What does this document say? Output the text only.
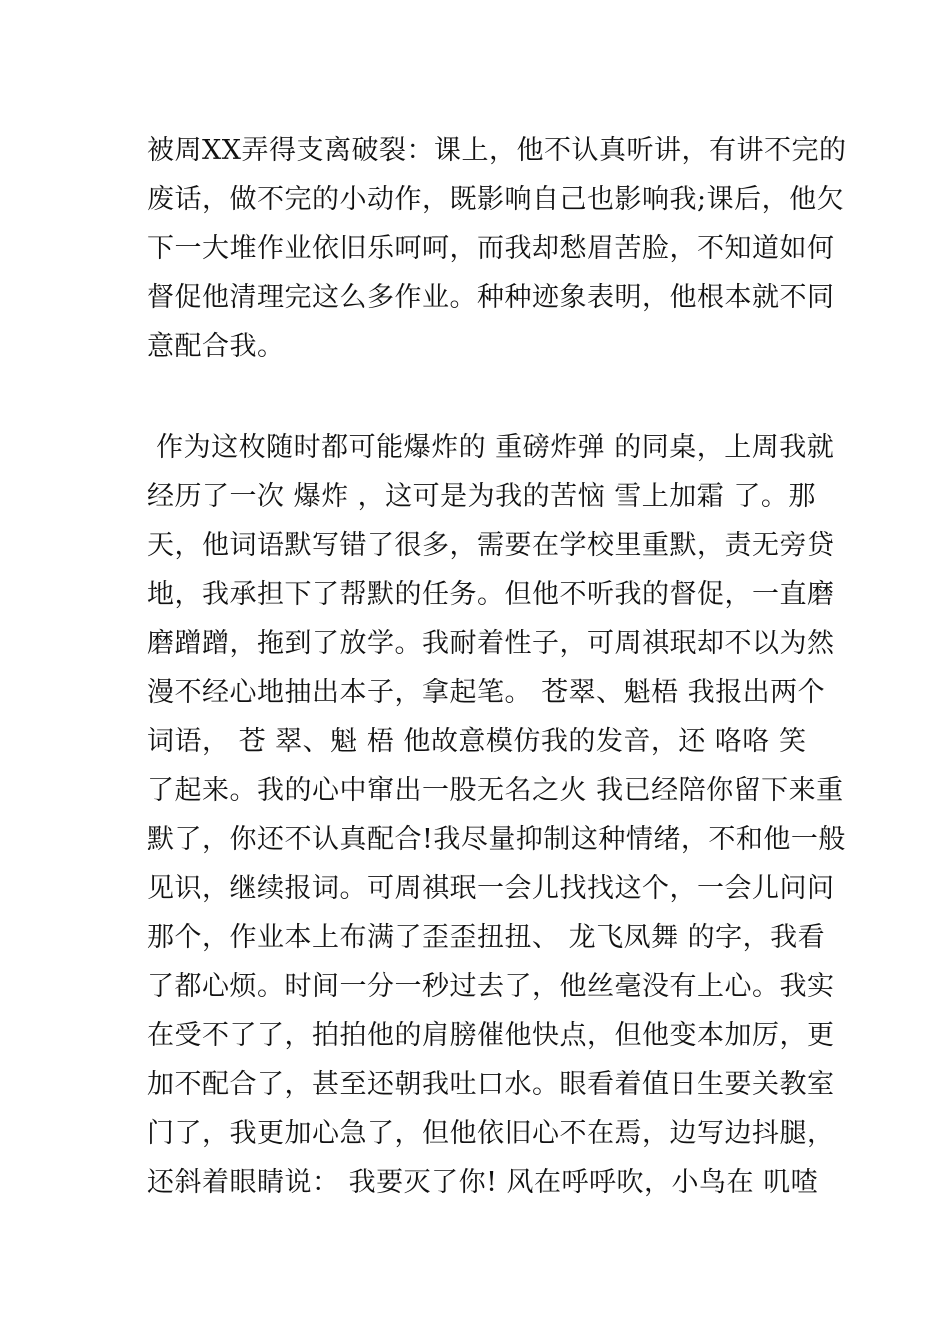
被周XX弄得支离破裂：课上，他不认真听讲，有讲不完的
废话，做不完的小动作，既影响自己也影响我;课后，他欠
下一大堆作业依旧乐呵呵，而我却愁眉苦脸，不知道如何
督促他清理完这么多作业。种种迹象表明，他根本就不同
意配合我。
作为这枚随时都可能爆炸的 重磅炸弹 的同桌，上周我就
经历了一次 爆炸 ，这可是为我的苦恼 雪上加霜 了。那
天，他词语默写错了很多，需要在学校里重默，责无旁贷
地，我承担下了帮默的任务。但他不听我的督促，一直磨
磨蹭蹭，拖到了放学。我耐着性子，可周祺珉却不以为然
漫不经心地抽出本子，拿起笔。 苍翠、魁梧 我报出两个
词语， 苍 翠、魁 梧 他故意模仿我的发音，还 咯咯 笑
了起来。我的心中窜出一股无名之火 我已经陪你留下来重
默了，你还不认真配合!我尽量抑制这种情绪，不和他一般
见识，继续报词。可周祺珉一会儿找找这个，一会儿问问
那个，作业本上布满了歪歪扭扭、 龙飞凤舞 的字，我看
了都心烦。时间一分一秒过去了，他丝毫没有上心。我实
在受不了了，拍拍他的肩膀催他快点，但他变本加厉，更
加不配合了，甚至还朝我吐口水。眼看着值日生要关教室
门了，我更加心急了，但他依旧心不在焉，边写边抖腿，
还斜着眼睛说： 我要灭了你! 风在呼呼吹，小鸟在 叽喳
